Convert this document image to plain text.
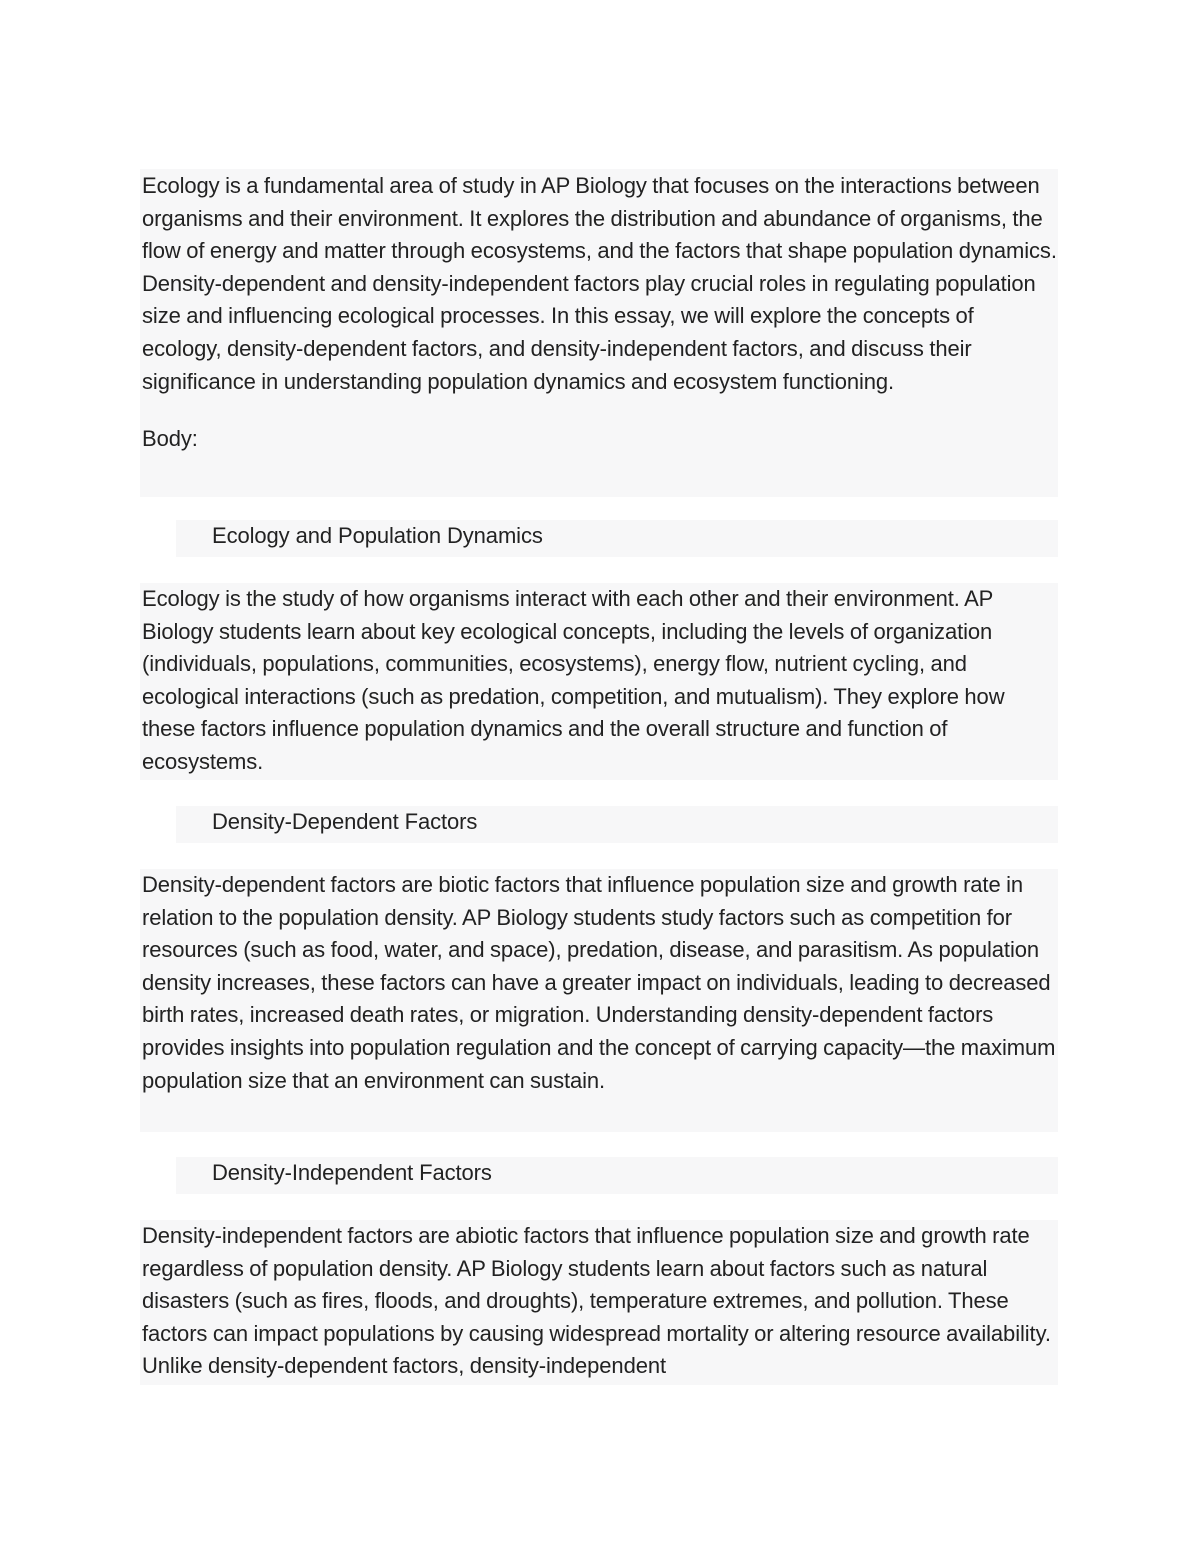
Ecology is a fundamental area of study in AP Biology that focuses on the interactions between organisms and their environment. It explores the distribution and abundance of organisms, the flow of energy and matter through ecosystems, and the factors that shape population dynamics. Density-dependent and density-independent factors play crucial roles in regulating population size and influencing ecological processes. In this essay, we will explore the concepts of ecology, density-dependent factors, and density-independent factors, and discuss their significance in understanding population dynamics and ecosystem functioning.

Body:

Ecology and Population Dynamics

Ecology is the study of how organisms interact with each other and their environment. AP Biology students learn about key ecological concepts, including the levels of organization (individuals, populations, communities, ecosystems), energy flow, nutrient cycling, and ecological interactions (such as predation, competition, and mutualism). They explore how these factors influence population dynamics and the overall structure and function of ecosystems.

Density-Dependent Factors

Density-dependent factors are biotic factors that influence population size and growth rate in relation to the population density. AP Biology students study factors such as competition for resources (such as food, water, and space), predation, disease, and parasitism. As population density increases, these factors can have a greater impact on individuals, leading to decreased birth rates, increased death rates, or migration. Understanding density-dependent factors provides insights into population regulation and the concept of carrying capacity—the maximum population size that an environment can sustain.

Density-Independent Factors

Density-independent factors are abiotic factors that influence population size and growth rate regardless of population density. AP Biology students learn about factors such as natural disasters (such as fires, floods, and droughts), temperature extremes, and pollution. These factors can impact populations by causing widespread mortality or altering resource availability. Unlike density-dependent factors, density-independent
